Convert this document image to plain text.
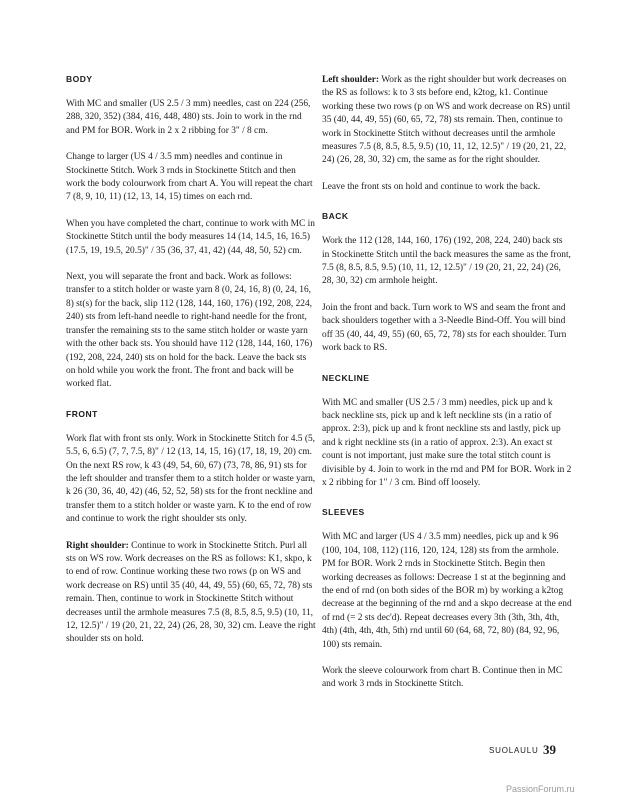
BODY

With MC and smaller (US 2.5 / 3 mm) needles, cast on 224 (256, 288, 320, 352) (384, 416, 448, 480) sts. Join to work in the rnd and PM for BOR. Work in 2 x 2 ribbing for 3" / 8 cm.

Change to larger (US 4 / 3.5 mm) needles and continue in Stockinette Stitch. Work 3 rnds in Stockinette Stitch and then work the body colourwork from chart A. You will repeat the chart 7 (8, 9, 10, 11) (12, 13, 14, 15) times on each rnd.

When you have completed the chart, continue to work with MC in Stockinette Stitch until the body measures 14 (14, 14.5, 16, 16.5) (17.5, 19, 19.5, 20.5)" / 35 (36, 37, 41, 42) (44, 48, 50, 52) cm.

Next, you will separate the front and back. Work as follows: transfer to a stitch holder or waste yarn 8 (0, 24, 16, 8) (0, 24, 16, 8) st(s) for the back, slip 112 (128, 144, 160, 176) (192, 208, 224, 240) sts from left-hand needle to right-hand needle for the front, transfer the remaining sts to the same stitch holder or waste yarn with the other back sts. You should have 112 (128, 144, 160, 176) (192, 208, 224, 240) sts on hold for the back. Leave the back sts on hold while you work the front. The front and back will be worked flat.

FRONT

Work flat with front sts only. Work in Stockinette Stitch for 4.5 (5, 5.5, 6, 6.5) (7, 7, 7.5, 8)" / 12 (13, 14, 15, 16) (17, 18, 19, 20) cm. On the next RS row, k 43 (49, 54, 60, 67) (73, 78, 86, 91) sts for the left shoulder and transfer them to a stitch holder or waste yarn, k 26 (30, 36, 40, 42) (46, 52, 52, 58) sts for the front neckline and transfer them to a stitch holder or waste yarn. K to the end of row and continue to work the right shoulder sts only.

Right shoulder: Continue to work in Stockinette Stitch. Purl all sts on WS row. Work decreases on the RS as follows: K1, skpo, k to end of row. Continue working these two rows (p on WS and work decrease on RS) until 35 (40, 44, 49, 55) (60, 65, 72, 78) sts remain. Then, continue to work in Stockinette Stitch without decreases until the armhole measures 7.5 (8, 8.5, 8.5, 9.5) (10, 11, 12, 12.5)" / 19 (20, 21, 22, 24) (26, 28, 30, 32) cm. Leave the right shoulder sts on hold.

Left shoulder: Work as the right shoulder but work decreases on the RS as follows: k to 3 sts before end, k2tog, k1. Continue working these two rows (p on WS and work decrease on RS) until 35 (40, 44, 49, 55) (60, 65, 72, 78) sts remain. Then, continue to work in Stockinette Stitch without decreases until the armhole measures 7.5 (8, 8.5, 8.5, 9.5) (10, 11, 12, 12.5)" / 19 (20, 21, 22, 24) (26, 28, 30, 32) cm, the same as for the right shoulder.

Leave the front sts on hold and continue to work the back.

BACK

Work the 112 (128, 144, 160, 176) (192, 208, 224, 240) back sts in Stockinette Stitch until the back measures the same as the front, 7.5 (8, 8.5, 8.5, 9.5) (10, 11, 12, 12.5)" / 19 (20, 21, 22, 24) (26, 28, 30, 32) cm armhole height.

Join the front and back. Turn work to WS and seam the front and back shoulders together with a 3-Needle Bind-Off. You will bind off 35 (40, 44, 49, 55) (60, 65, 72, 78) sts for each shoulder. Turn work back to RS.

NECKLINE

With MC and smaller (US 2.5 / 3 mm) needles, pick up and k back neckline sts, pick up and k left neckline sts (in a ratio of approx. 2:3), pick up and k front neckline sts and lastly, pick up and k right neckline sts (in a ratio of approx. 2:3). An exact st count is not important, just make sure the total stitch count is divisible by 4. Join to work in the rnd and PM for BOR. Work in 2 x 2 ribbing for 1" / 3 cm. Bind off loosely.

SLEEVES

With MC and larger (US 4 / 3.5 mm) needles, pick up and k 96 (100, 104, 108, 112) (116, 120, 124, 128) sts from the armhole. PM for BOR. Work 2 rnds in Stockinette Stitch. Begin then working decreases as follows: Decrease 1 st at the beginning and the end of rnd (on both sides of the BOR m) by working a k2tog decrease at the beginning of the rnd and a skpo decrease at the end of rnd (= 2 sts dec'd). Repeat decreases every 3th (3th, 3th, 4th, 4th) (4th, 4th, 4th, 5th) rnd until 60 (64, 68, 72, 80) (84, 92, 96, 100) sts remain.

Work the sleeve colourwork from chart B. Continue then in MC and work 3 rnds in Stockinette Stitch.

SUOLAULU 39
PassionForum.ru
